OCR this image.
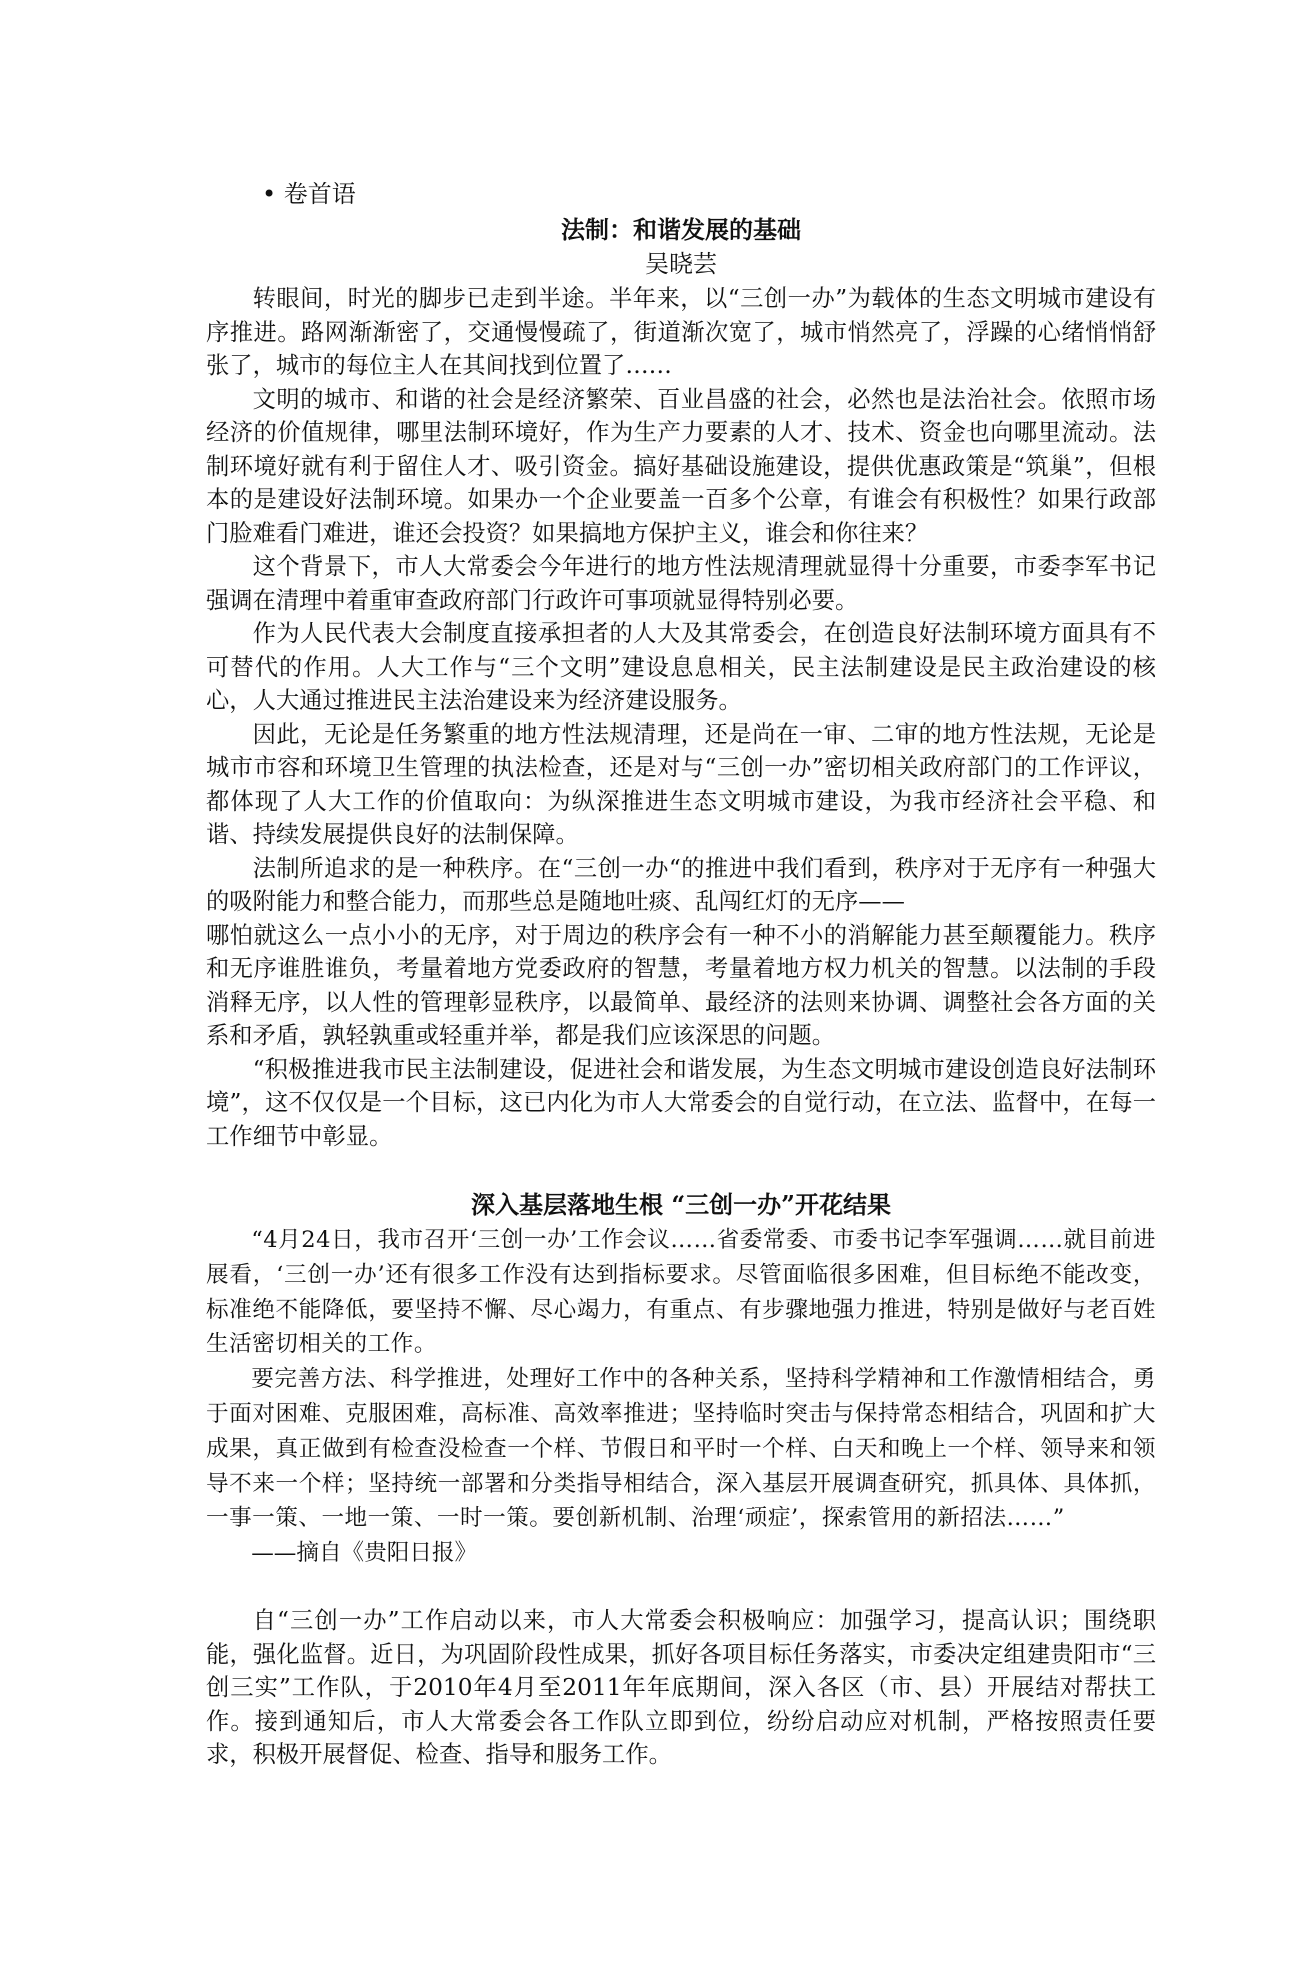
• 卷首语
法制：和谐发展的基础
吴晓芸

转眼间，时光的脚步已走到半途。半年来，以“三创一办”为载体的生态文明城市建设有序推进。路网渐渐密了，交通慢慢疏了，街道渐次宽了，城市悄然亮了，浮躁的心绪悄悄舒张了，城市的每位主人在其间找到位置了……

文明的城市、和谐的社会是经济繁荣、百业昌盛的社会，必然也是法治社会。依照市场经济的价值规律，哪里法制环境好，作为生产力要素的人才、技术、资金也向哪里流动。法制环境好就有利于留住人才、吸引资金。搞好基础设施建设，提供优惠政策是“筑巢”，但根本的是建设好法制环境。如果办一个企业要盖一百多个公章，有谁会有积极性？如果行政部门脸难看门难进，谁还会投资？如果搞地方保护主义，谁会和你往来？

这个背景下，市人大常委会今年进行的地方性法规清理就显得十分重要，市委李军书记强调在清理中着重审查政府部门行政许可事项就显得特别必要。

作为人民代表大会制度直接承担者的人大及其常委会，在创造良好法制环境方面具有不可替代的作用。人大工作与“三个文明”建设息息相关，民主法制建设是民主政治建设的核心，人大通过推进民主法治建设来为经济建设服务。

因此，无论是任务繁重的地方性法规清理，还是尚在一审、二审的地方性法规，无论是城市市容和环境卫生管理的执法检查，还是对与“三创一办”密切相关政府部门的工作评议，都体现了人大工作的价值取向：为纵深推进生态文明城市建设，为我市经济社会平稳、和谐、持续发展提供良好的法制保障。

法制所追求的是一种秩序。在“三创一办“的推进中我们看到，秩序对于无序有一种强大的吸附能力和整合能力，而那些总是随地吐痰、乱闯红灯的无序——

哪怕就这么一点小小的无序，对于周边的秩序会有一种不小的消解能力甚至颠覆能力。秩序和无序谁胜谁负，考量着地方党委政府的智慧，考量着地方权力机关的智慧。以法制的手段消释无序，以人性的管理彰显秩序，以最简单、最经济的法则来协调、调整社会各方面的关系和矛盾，孰轻孰重或轻重并举，都是我们应该深思的问题。

“积极推进我市民主法制建设，促进社会和谐发展，为生态文明城市建设创造良好法制环境”，这不仅仅是一个目标，这已内化为市人大常委会的自觉行动，在立法、监督中，在每一工作细节中彰显。

深入基层落地生根 “三创一办”开花结果

“4月24日，我市召开‘三创一办’工作会议……省委常委、市委书记李军强调……就目前进展看，‘三创一办’还有很多工作没有达到指标要求。尽管面临很多困难，但目标绝不能改变，标准绝不能降低，要坚持不懈、尽心竭力，有重点、有步骤地强力推进，特别是做好与老百姓生活密切相关的工作。

要完善方法、科学推进，处理好工作中的各种关系，坚持科学精神和工作激情相结合，勇于面对困难、克服困难，高标准、高效率推进；坚持临时突击与保持常态相结合，巩固和扩大成果，真正做到有检查没检查一个样、节假日和平时一个样、白天和晚上一个样、领导来和领导不来一个样；坚持统一部署和分类指导相结合，深入基层开展调查研究，抓具体、具体抓，一事一策、一地一策、一时一策。要创新机制、治理‘顽症’，探索管用的新招法……”

——摘自《贵阳日报》

自“三创一办”工作启动以来，市人大常委会积极响应：加强学习，提高认识；围绕职能，强化监督。近日，为巩固阶段性成果，抓好各项目标任务落实，市委决定组建贵阳市“三创三实”工作队，于2010年4月至2011年年底期间，深入各区（市、县）开展结对帮扶工作。接到通知后，市人大常委会各工作队立即到位，纷纷启动应对机制，严格按照责任要求，积极开展督促、检查、指导和服务工作。
